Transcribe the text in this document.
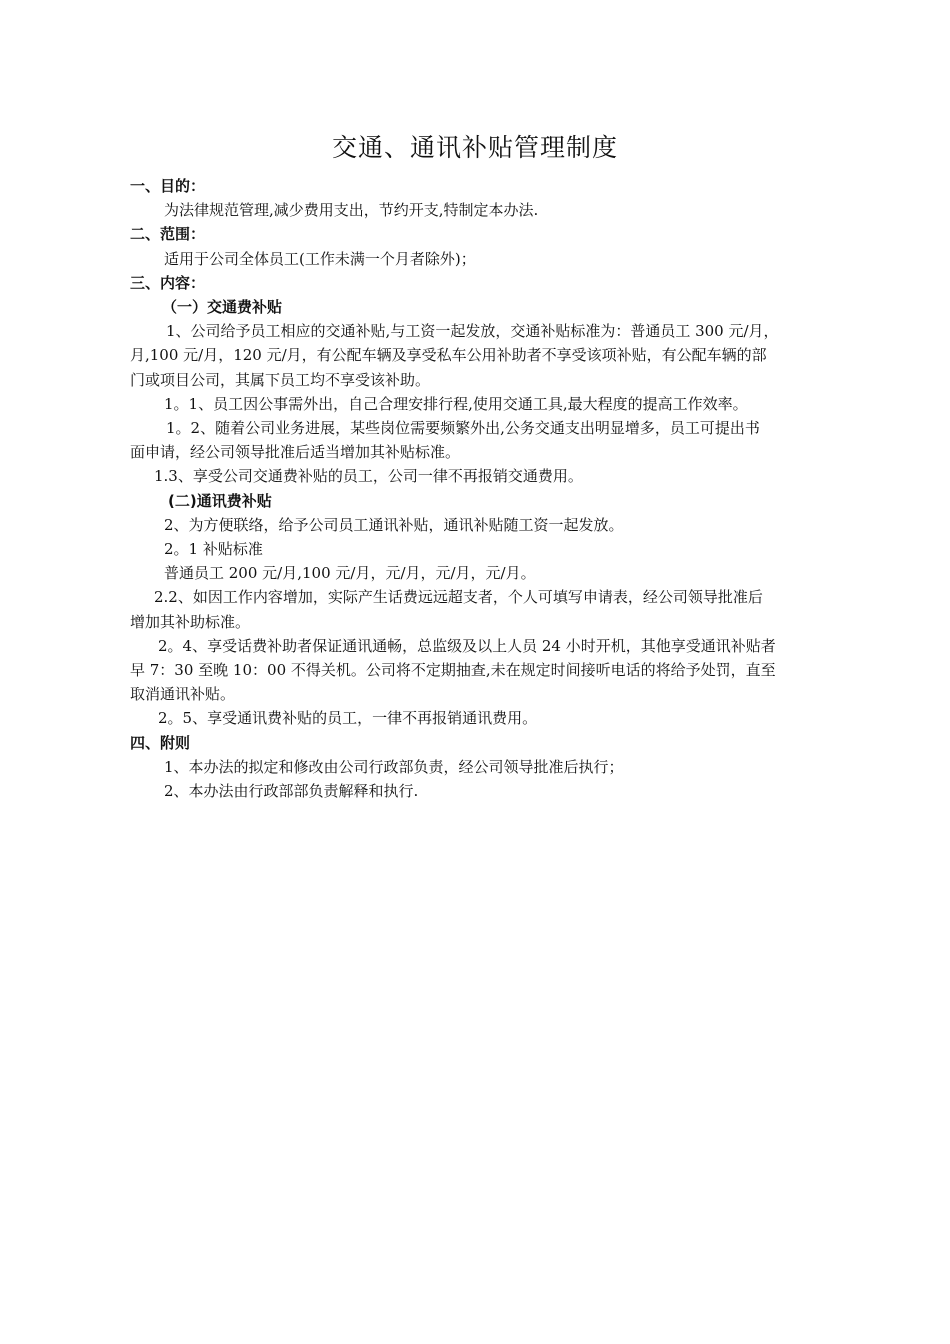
交通、通讯补贴管理制度

一、目的：

为法律规范管理,减少费用支出，节约开支,特制定本办法.

二、范围：

适用于公司全体员工(工作未满一个月者除外)；

三、内容：

（一）交通费补贴

1、公司给予员工相应的交通补贴,与工资一起发放，交通补贴标准为：普通员工 300 元/月，

月,100 元/月，120 元/月，有公配车辆及享受私车公用补助者不享受该项补贴，有公配车辆的部

门或项目公司，其属下员工均不享受该补助。

1。1、员工因公事需外出，自己合理安排行程,使用交通工具,最大程度的提高工作效率。

1。2、随着公司业务进展，某些岗位需要频繁外出,公务交通支出明显增多，员工可提出书

面申请，经公司领导批准后适当增加其补贴标准。

1.3、享受公司交通费补贴的员工，公司一律不再报销交通费用。

(二)通讯费补贴

2、为方便联络，给予公司员工通讯补贴，通讯补贴随工资一起发放。

2。1 补贴标准

普通员工 200 元/月,100 元/月，元/月，元/月，元/月。

2.2、如因工作内容增加，实际产生话费远远超支者，个人可填写申请表，经公司领导批准后

增加其补助标准。

2。4、享受话费补助者保证通讯通畅，总监级及以上人员 24 小时开机，其他享受通讯补贴者

早 7：30 至晚 10：00 不得关机。公司将不定期抽查,未在规定时间接听电话的将给予处罚，直至

取消通讯补贴。

2。5、享受通讯费补贴的员工，一律不再报销通讯费用。

四、附则

1、本办法的拟定和修改由公司行政部负责，经公司领导批准后执行；

2、本办法由行政部部负责解释和执行.
